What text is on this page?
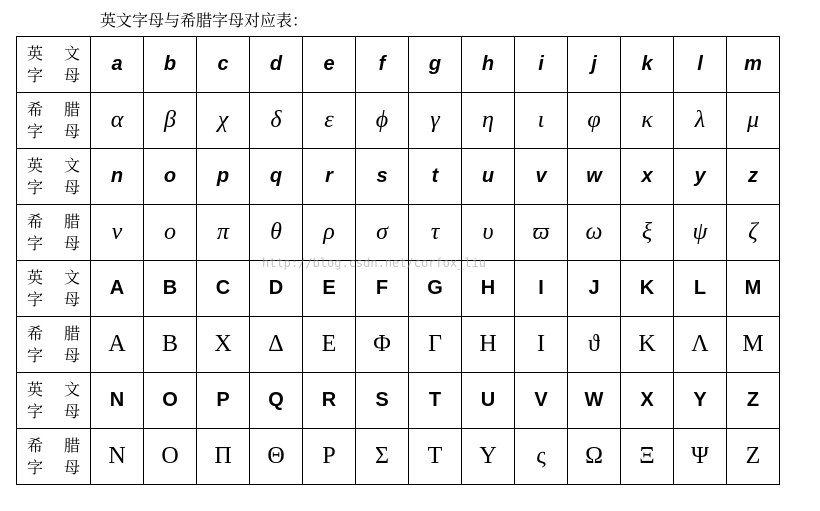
英文字母与希腊字母对应表：
英 文
字母	a	b	c	d	e	f	g	h	i	j	k	l	m

希 腊
字母	α	β	χ	δ	ε	ϕ	γ	η	ι	φ	κ	λ	μ

英 文
字母	n	o	p	q	r	s	t	u	v	w	x	y	z

希 腊
字母	ν	ο	π	θ	ρ	σ	τ	υ	ϖ	ω	ξ	ψ	ζ

英 文
字母	A	B	C	D	E	F	G	H	I	J	K	L	M

希 腊
字母	Α	Β	Χ	Δ	Ε	Φ	Γ	Η	Ι	ϑ	Κ	Λ	Μ

英 文
字母	N	O	P	Q	R	S	T	U	V	W	X	Y	Z

希 腊
字母	Ν	Ο	Π	Θ	Ρ	Σ	Τ	Υ	ς	Ω	Ξ	Ψ	Ζ
http://blog.csdn.net/corfox_liu
